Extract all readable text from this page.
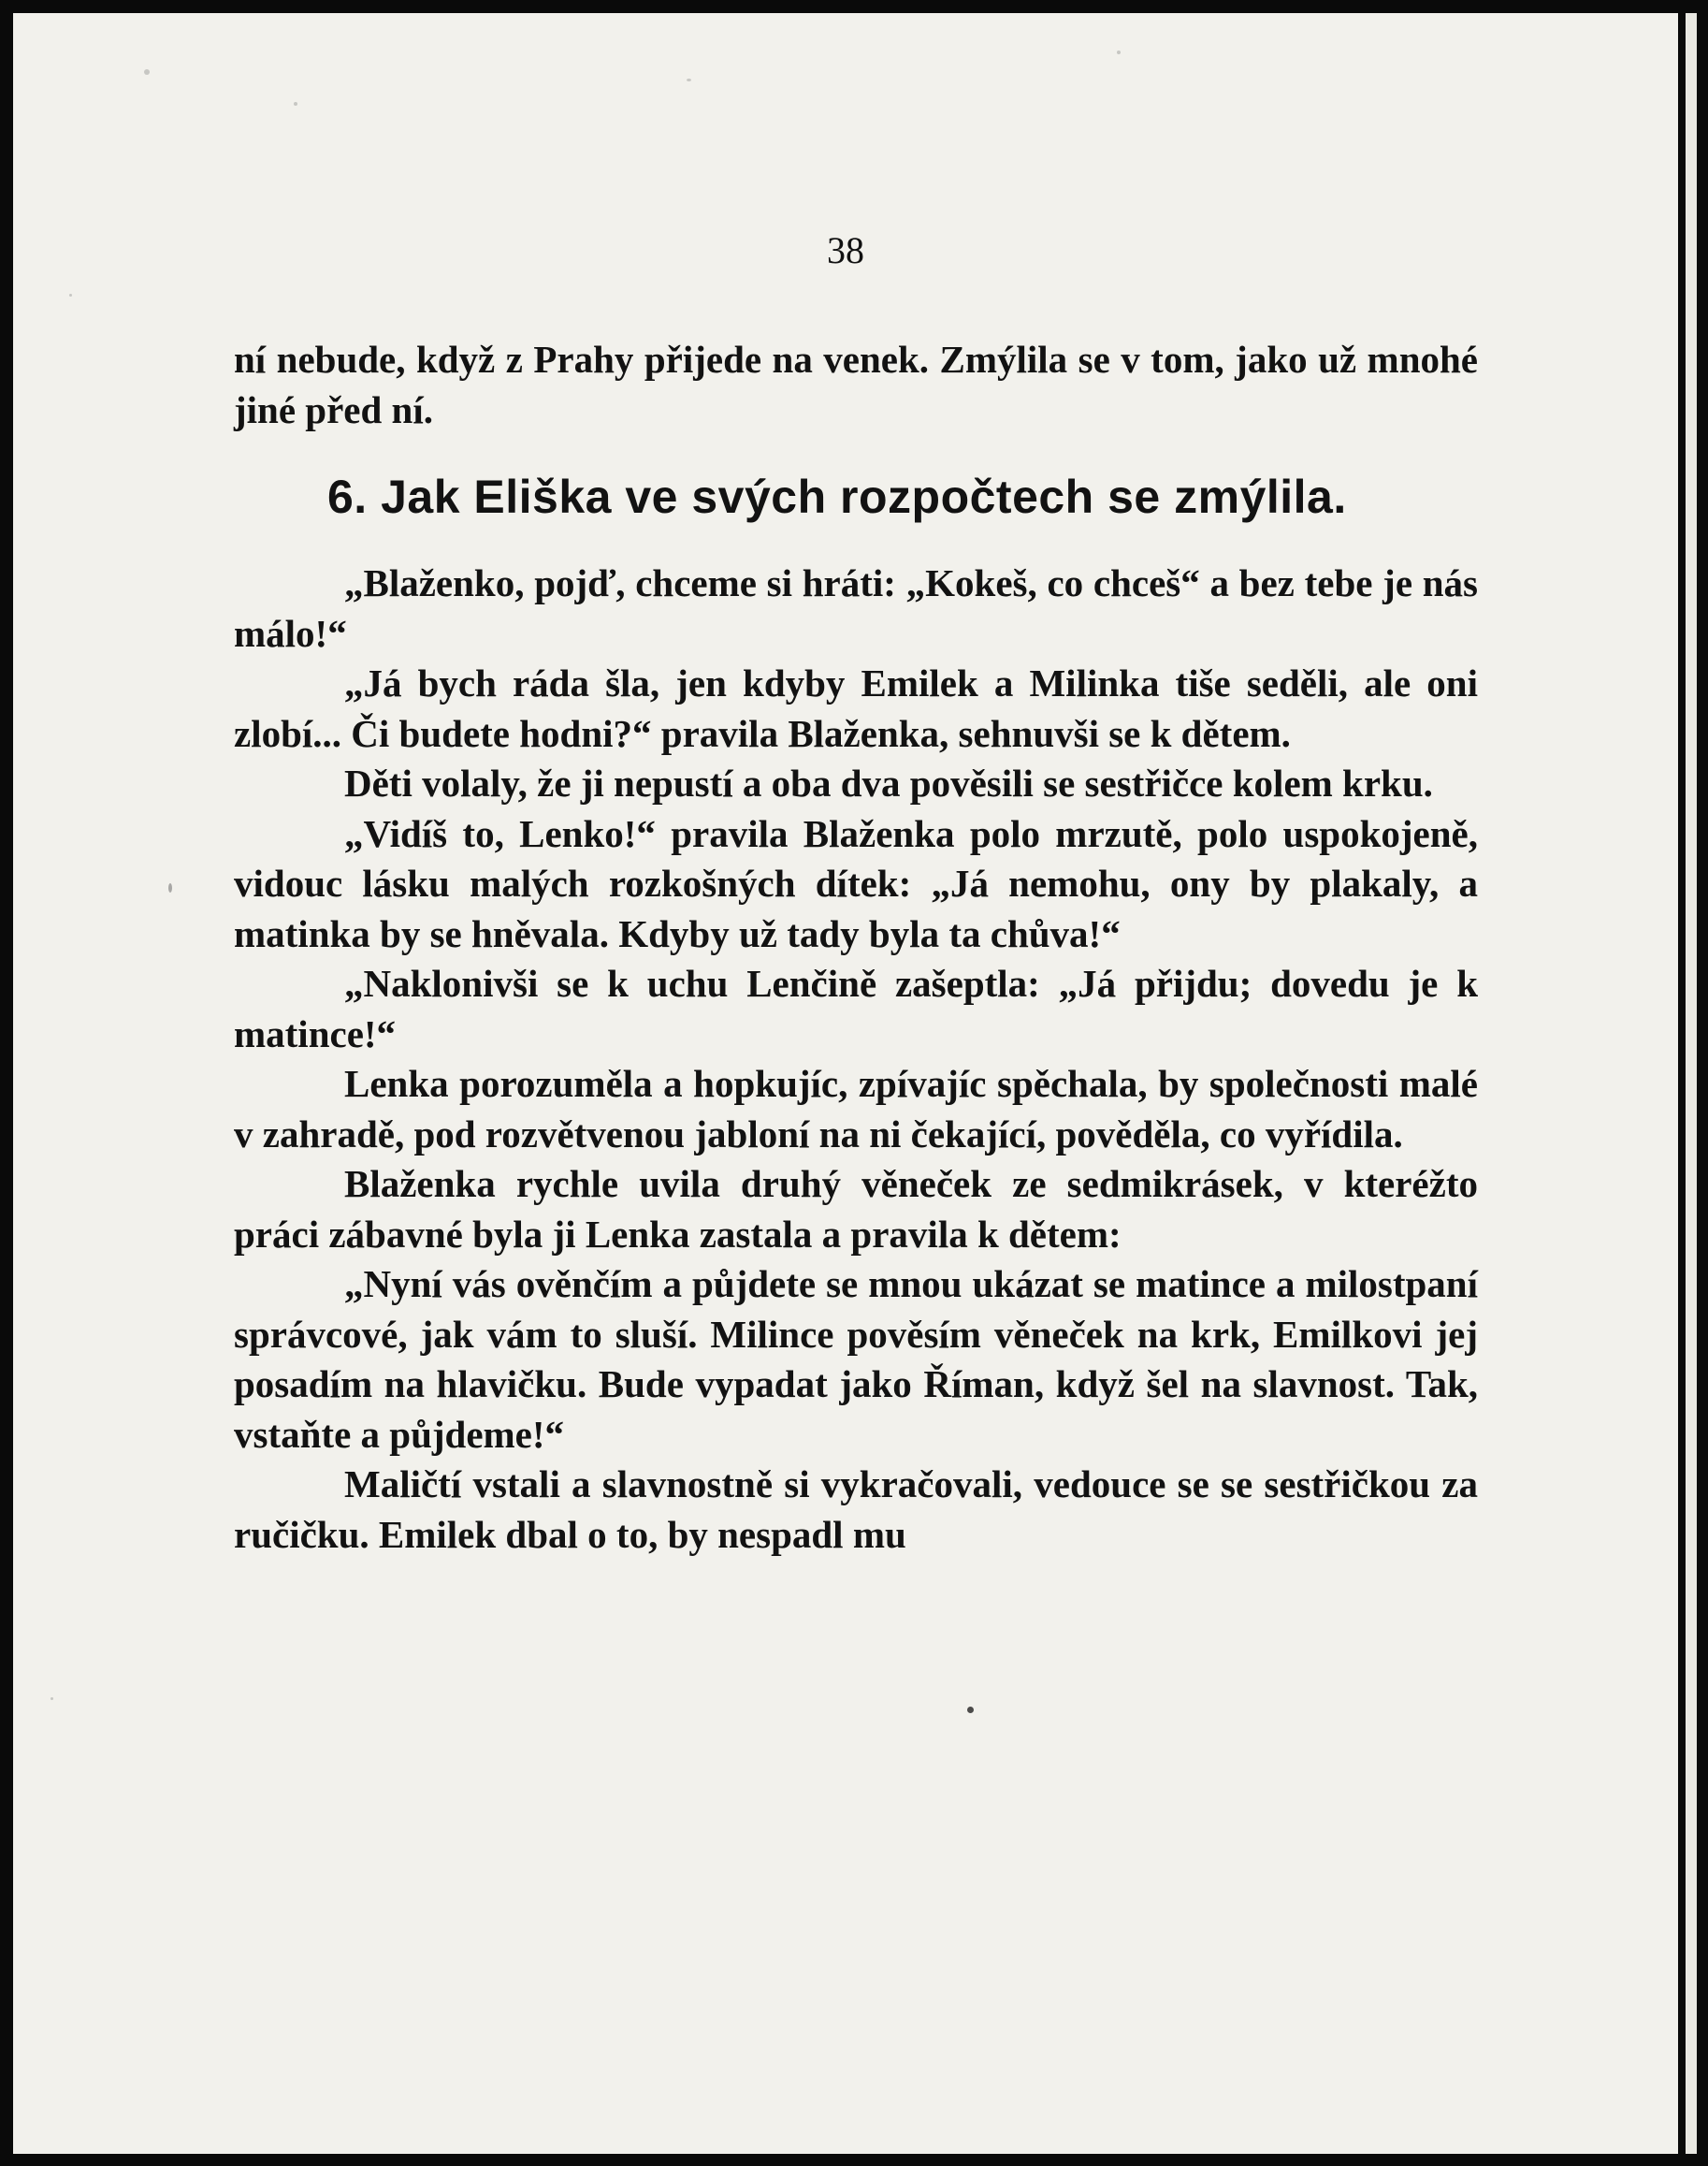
38

ní nebude, když z Prahy přijede na venek. Zmýlila se v tom, jako už mnohé jiné před ní.

6. Jak Eliška ve svých rozpočtech se zmýlila.

„Blaženko, pojď, chceme si hráti: „Kokeš, co chceš“ a bez tebe je nás málo!“

„Já bych ráda šla, jen kdyby Emilek a Milinka tiše seděli, ale oni zlobí... Či budete hodni?“ pravila Blaženka, sehnuvši se k dětem.

Děti volaly, že ji nepustí a oba dva pověsili se sestřičce kolem krku.

„Vidíš to, Lenko!“ pravila Blaženka polo mrzutě, polo uspokojeně, vidouc lásku malých rozkošných dítek: „Já nemohu, ony by plakaly, a matinka by se hněvala. Kdyby už tady byla ta chůva!“

„Naklonivši se k uchu Lenčině zašeptla: „Já přijdu; dovedu je k matince!“

Lenka porozuměla a hopkujíc, zpívajíc spěchala, by společnosti malé v zahradě, pod rozvětvenou jabloní na ni čekající, pověděla, co vyřídila.

Blaženka rychle uvila druhý věneček ze sedmikrásek, v kteréžto práci zábavné byla ji Lenka zastala a pravila k dětem:

„Nyní vás ověnčím a půjdete se mnou ukázat se matince a milostpaní správcové, jak vám to sluší. Milince pověsím věneček na krk, Emilkovi jej posadím na hlavičku. Bude vypadat jako Říman, když šel na slavnost. Tak, vstaňte a půjdeme!“

Maličtí vstali a slavnostně si vykračovali, vedouce se se sestřičkou za ručičku. Emilek dbal o to, by nespadl mu
